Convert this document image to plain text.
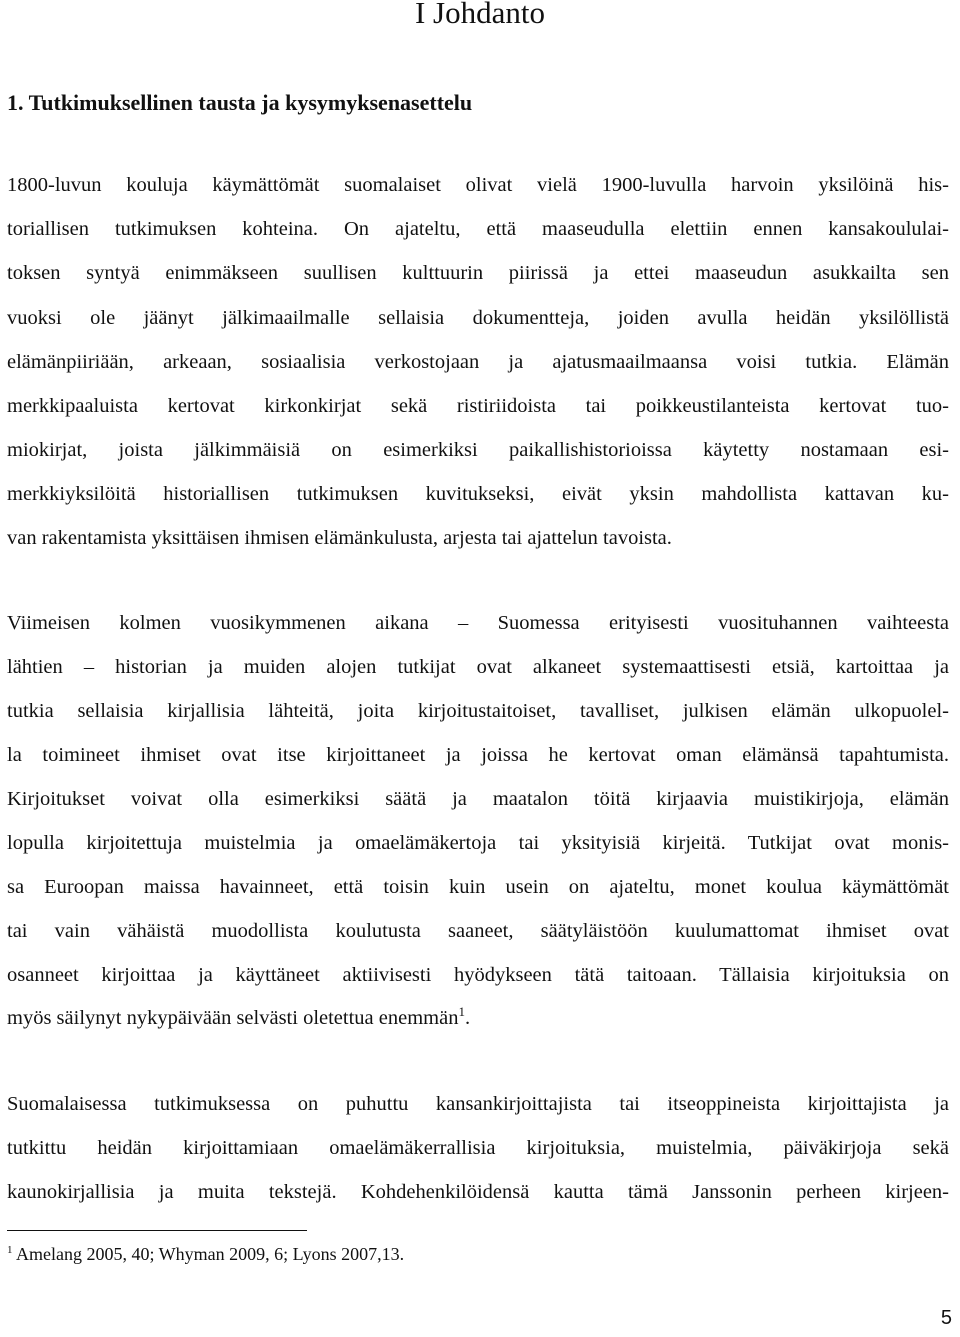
I Johdanto
1. Tutkimuksellinen tausta ja kysymyksenasettelu
1800-luvun kouluja käymättömät suomalaiset olivat vielä 1900-luvulla harvoin yksilöinä his-
toriallisen tutkimuksen kohteina. On ajateltu, että maaseudulla elettiin ennen kansakoululai-
toksen syntyä enimmäkseen suullisen kulttuurin piirissä ja ettei maaseudun asukkailta sen
vuoksi ole jäänyt jälkimaailmalle sellaisia dokumentteja, joiden avulla heidän yksilöllistä
elämänpiiriään, arkeaan, sosiaalisia verkostojaan ja ajatusmaailmaansa voisi tutkia. Elämän
merkkipaaluista kertovat kirkonkirjat sekä ristiriidoista tai poikkeustilanteista kertovat tuo-
miokirjat, joista jälkimmäisiä on esimerkiksi paikallishistorioissa käytetty nostamaan esi-
merkkiyksilöitä historiallisen tutkimuksen kuvitukseksi, eivät yksin mahdollista kattavan ku-
van rakentamista yksittäisen ihmisen elämänkulusta, arjesta tai ajattelun tavoista.
Viimeisen kolmen vuosikymmenen aikana – Suomessa erityisesti vuosituhannen vaihteesta
lähtien – historian ja muiden alojen tutkijat ovat alkaneet systemaattisesti etsiä, kartoittaa ja
tutkia sellaisia kirjallisia lähteitä, joita kirjoitustaitoiset, tavalliset, julkisen elämän ulkopuolel-
la toimineet ihmiset ovat itse kirjoittaneet ja joissa he kertovat oman elämänsä tapahtumista.
Kirjoitukset voivat olla esimerkiksi säätä ja maatalon töitä kirjaavia muistikirjoja, elämän
lopulla kirjoitettuja muistelmia ja omaelämäkertoja tai yksityisiä kirjeitä. Tutkijat ovat monis-
sa Euroopan maissa havainneet, että toisin kuin usein on ajateltu, monet koulua käymättömät
tai vain vähäistä muodollista koulutusta saaneet, säätyläistöön kuulumattomat ihmiset ovat
osanneet kirjoittaa ja käyttäneet aktiivisesti hyödykseen tätä taitoaan. Tällaisia kirjoituksia on
myös säilynyt nykypäivään selvästi oletettua enemmän$^1$.
Suomalaisessa tutkimuksessa on puhuttu kansankirjoittajista tai itseoppineista kirjoittajista ja
tutkittu heidän kirjoittamiaan omaelämäkerrallisia kirjoituksia, muistelmia, päiväkirjoja sekä
kaunokirjallisia ja muita tekstejä. Kohdehenkilöidensä kautta tämä Janssonin perheen kirjeen-
$^1$ Amelang 2005, 40; Whyman 2009, 6; Lyons 2007,13.
5
